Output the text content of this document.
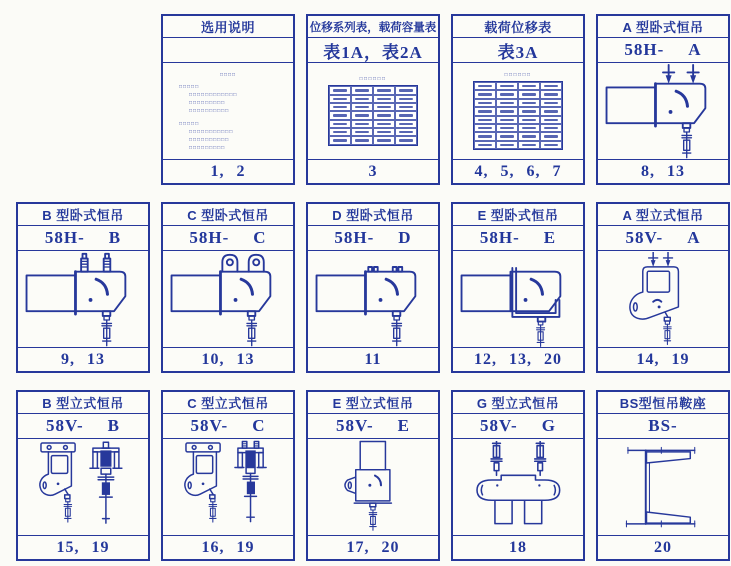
选用说明
□□□□
□□□□□
□□□□□□□□□□□□
□□□□□□□□□
□□□□□□□□□□
□□□□□
□□□□□□□□□□□
□□□□□□□□□□
□□□□□□□□□
1, 2
位移系列表，载荷容量表
表1A，表2A
□□□□□□
3
载荷位移表
表3A
□□□□□□
4, 5, 6, 7
A 型卧式恒吊
58H- A
8, 13
B 型卧式恒吊
58H- B
9, 13
C 型卧式恒吊
58H- C
10, 13
D 型卧式恒吊
58H- D
11
E 型卧式恒吊
58H- E
12, 13, 20
A 型立式恒吊
58V- A
14, 19
B 型立式恒吊
58V- B
15, 19
C 型立式恒吊
58V- C
16, 19
E 型立式恒吊
58V- E
17, 20
G 型立式恒吊
58V- G
18
BS型恒吊鞍座
BS-
20
